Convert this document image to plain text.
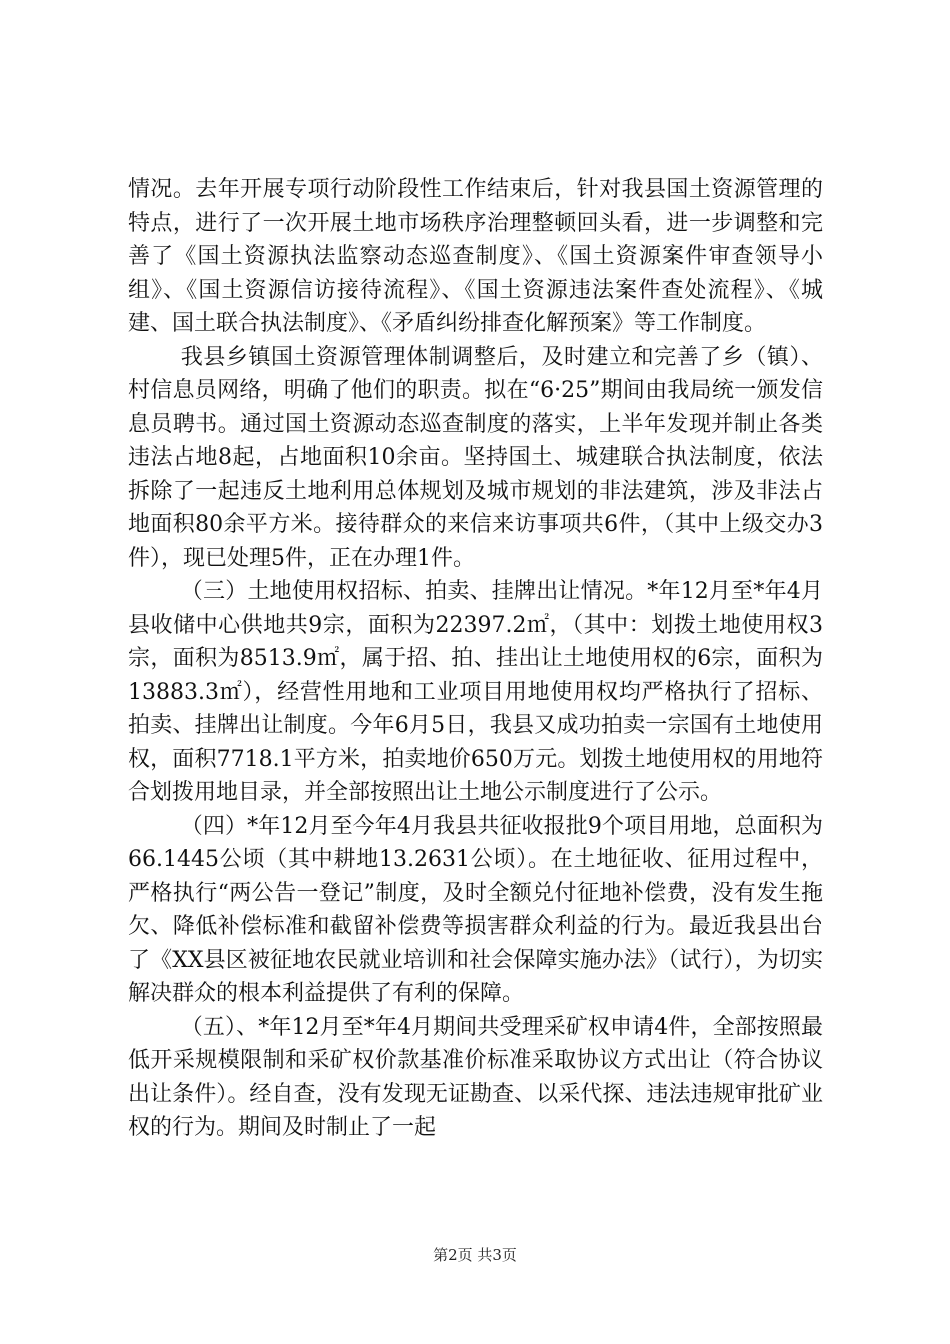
情况。去年开展专项行动阶段性工作结束后，针对我县国土资源管理的特点，进行了一次开展土地市场秩序治理整顿回头看，进一步调整和完善了《国土资源执法监察动态巡查制度》、《国土资源案件审查领导小组》、《国土资源信访接待流程》、《国土资源违法案件查处流程》、《城建、国土联合执法制度》、《矛盾纠纷排查化解预案》等工作制度。

我县乡镇国土资源管理体制调整后，及时建立和完善了乡（镇）、村信息员网络，明确了他们的职责。拟在“6·25”期间由我局统一颁发信息员聘书。通过国土资源动态巡查制度的落实，上半年发现并制止各类违法占地8起，占地面积10余亩。坚持国土、城建联合执法制度，依法拆除了一起违反土地利用总体规划及城市规划的非法建筑，涉及非法占地面积80余平方米。接待群众的来信来访事项共6件，（其中上级交办3件），现已处理5件，正在办理1件。

（三）土地使用权招标、拍卖、挂牌出让情况。*年12月至*年4月县收储中心供地共9宗，面积为22397.2㎡，（其中：划拨土地使用权3宗，面积为8513.9㎡，属于招、拍、挂出让土地使用权的6宗，面积为13883.3㎡），经营性用地和工业项目用地使用权均严格执行了招标、拍卖、挂牌出让制度。今年6月5日，我县又成功拍卖一宗国有土地使用权，面积7718.1平方米，拍卖地价650万元。划拨土地使用权的用地符合划拨用地目录，并全部按照出让土地公示制度进行了公示。

（四）*年12月至今年4月我县共征收报批9个项目用地，总面积为66.1445公顷（其中耕地13.2631公顷）。在土地征收、征用过程中，严格执行“两公告一登记”制度，及时全额兑付征地补偿费，没有发生拖欠、降低补偿标准和截留补偿费等损害群众利益的行为。最近我县出台了《XX县区被征地农民就业培训和社会保障实施办法》（试行），为切实解决群众的根本利益提供了有利的保障。

（五）、*年12月至*年4月期间共受理采矿权申请4件，全部按照最低开采规模限制和采矿权价款基准价标准采取协议方式出让（符合协议出让条件）。经自查，没有发现无证勘查、以采代探、违法违规审批矿业权的行为。期间及时制止了一起

第2页 共3页
